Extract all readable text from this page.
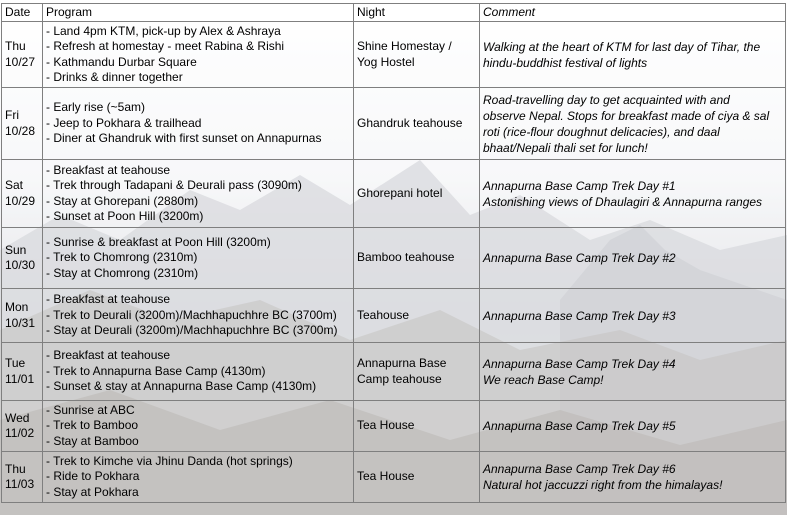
Date	Program	Night	Comment

Thu
10/27	- Land 4pm KTM, pick-up by Alex & Ashraya
- Refresh at homestay - meet Rabina & Rishi
- Kathmandu Durbar Square
- Drinks & dinner together	Shine Homestay /
Yog Hostel	Walking at the heart of KTM for last day of Tihar, the
hindu-buddhist festival of lights

Fri
10/28	- Early rise (~5am)
- Jeep to Pokhara & trailhead
- Diner at Ghandruk with first sunset on Annapurnas	Ghandruk teahouse	Road-travelling day to get acquainted with and
observe Nepal. Stops for breakfast made of ciya & sal
roti (rice-flour doughnut delicacies), and daal
bhaat/Nepali thali set for lunch!

Sat
10/29	- Breakfast at teahouse
- Trek through Tadapani & Deurali pass (3090m)
- Stay at Ghorepani (2880m)
- Sunset at Poon Hill (3200m)	Ghorepani hotel	Annapurna Base Camp Trek Day #1
Astonishing views of Dhaulagiri & Annapurna ranges

Sun
10/30	- Sunrise & breakfast at Poon Hill (3200m)
- Trek to Chomrong (2310m)
- Stay at Chomrong (2310m)	Bamboo teahouse	Annapurna Base Camp Trek Day #2

Mon
10/31	- Breakfast at teahouse
- Trek to Deurali (3200m)/Machhapuchhre BC (3700m)
- Stay at Deurali (3200m)/Machhapuchhre BC (3700m)	Teahouse	Annapurna Base Camp Trek Day #3

Tue
11/01	- Breakfast at teahouse
- Trek to Annapurna Base Camp (4130m)
- Sunset & stay at Annapurna Base Camp (4130m)	Annapurna Base
Camp teahouse	Annapurna Base Camp Trek Day #4
We reach Base Camp!

Wed
11/02	- Sunrise at ABC
- Trek to Bamboo
- Stay at Bamboo	Tea House	Annapurna Base Camp Trek Day #5

Thu
11/03	- Trek to Kimche via Jhinu Danda (hot springs)
- Ride to Pokhara
- Stay at Pokhara	Tea House	Annapurna Base Camp Trek Day #6
Natural hot jaccuzzi right from the himalayas!
